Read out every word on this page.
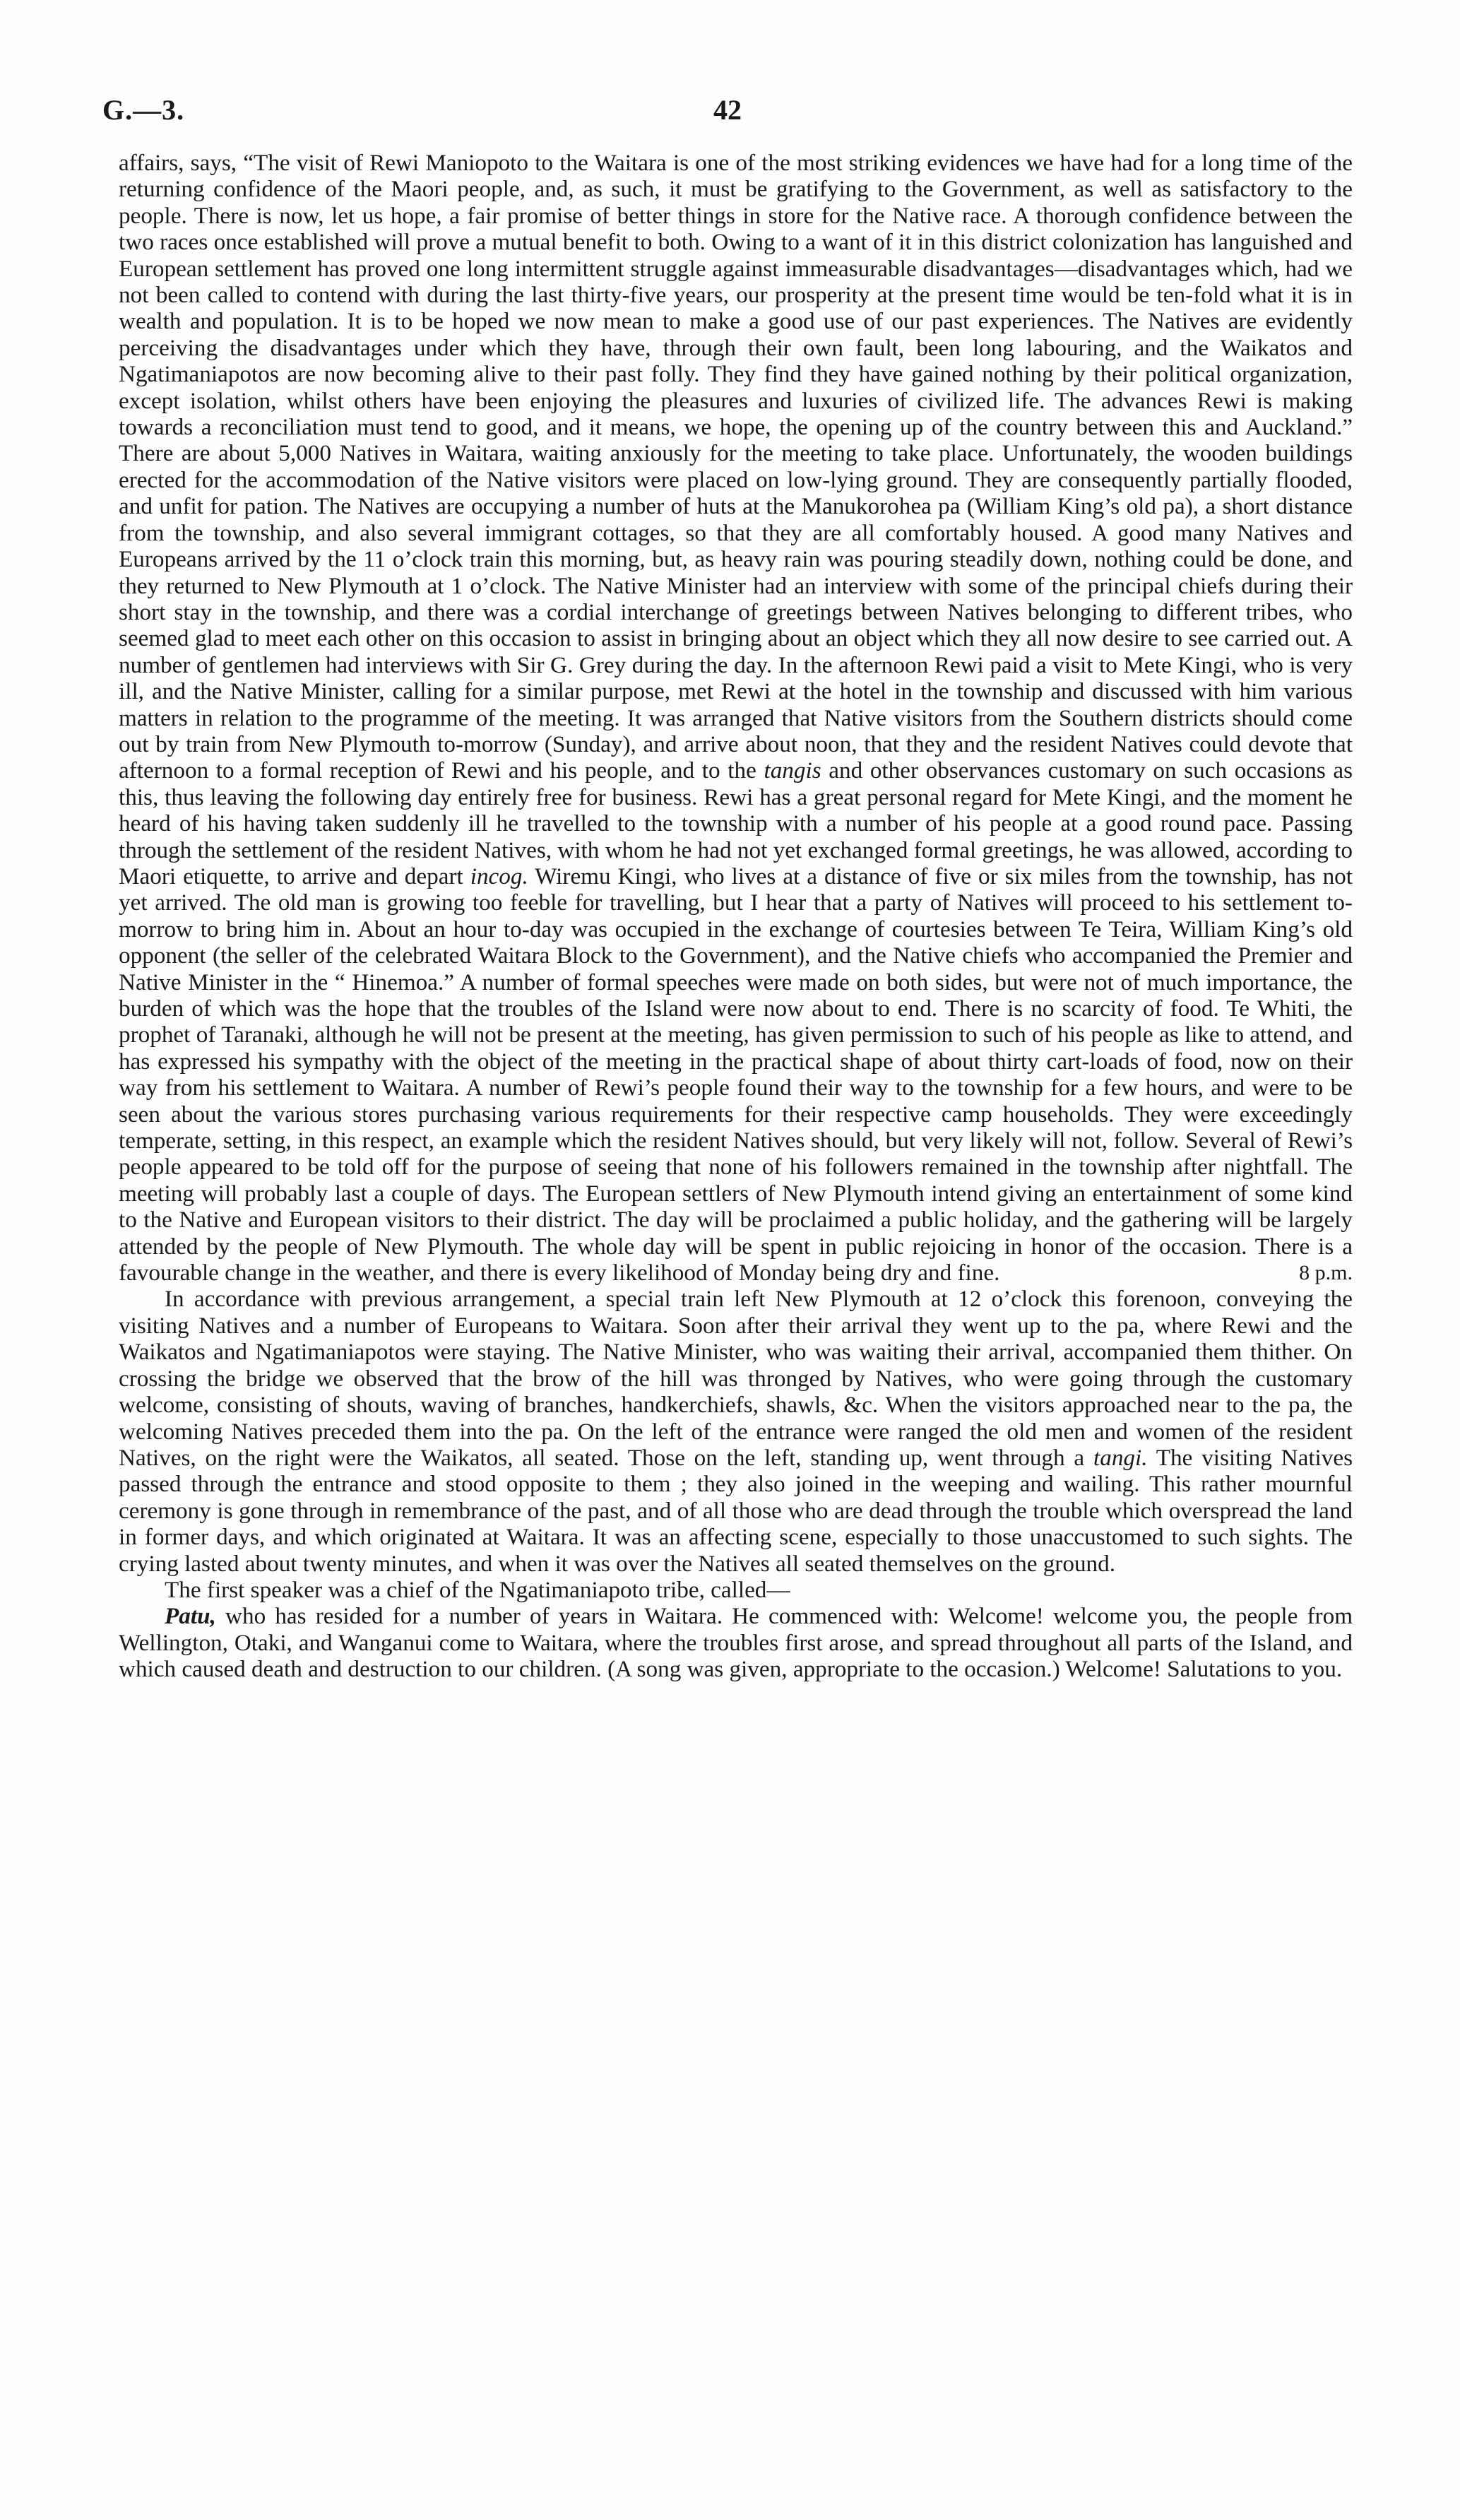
G.—3.	42

affairs, says, “The visit of Rewi Maniopoto to the Waitara is one of the most striking evidences we have had for a long time of the returning confidence of the Maori people, and, as such, it must be gratifying to the Government, as well as satisfactory to the people. There is now, let us hope, a fair promise of better things in store for the Native race. A thorough confidence between the two races once established will prove a mutual benefit to both. Owing to a want of it in this district colonization has languished and European settlement has proved one long intermittent struggle against immeasurable disadvantages—disadvantages which, had we not been called to contend with during the last thirty-five years, our prosperity at the present time would be ten-fold what it is in wealth and population. It is to be hoped we now mean to make a good use of our past experiences. The Natives are evidently perceiving the disadvantages under which they have, through their own fault, been long labouring, and the Waikatos and Ngatimaniapotos are now becoming alive to their past folly. They find they have gained nothing by their political organization, except isolation, whilst others have been enjoying the pleasures and luxuries of civilized life. The advances Rewi is making towards a reconciliation must tend to good, and it means, we hope, the opening up of the country between this and Auckland.” There are about 5,000 Natives in Waitara, waiting anxiously for the meeting to take place. Unfortunately, the wooden buildings erected for the accommodation of the Native visitors were placed on low-lying ground. They are consequently partially flooded, and unfit for pation. The Natives are occupying a number of huts at the Manukorohea pa (William King’s old pa), a short distance from the township, and also several immigrant cottages, so that they are all comfortably housed. A good many Natives and Europeans arrived by the 11 o’clock train this morning, but, as heavy rain was pouring steadily down, nothing could be done, and they returned to New Plymouth at 1 o’clock. The Native Minister had an interview with some of the principal chiefs during their short stay in the township, and there was a cordial interchange of greetings between Natives belonging to different tribes, who seemed glad to meet each other on this occasion to assist in bringing about an object which they all now desire to see carried out. A number of gentlemen had interviews with Sir G. Grey during the day. In the afternoon Rewi paid a visit to Mete Kingi, who is very ill, and the Native Minister, calling for a similar purpose, met Rewi at the hotel in the township and discussed with him various matters in relation to the programme of the meeting. It was arranged that Native visitors from the Southern districts should come out by train from New Plymouth to-morrow (Sunday), and arrive about noon, that they and the resident Natives could devote that afternoon to a formal reception of Rewi and his people, and to the tangis and other observances customary on such occasions as this, thus leaving the following day entirely free for business. Rewi has a great personal regard for Mete Kingi, and the moment he heard of his having taken suddenly ill he travelled to the township with a number of his people at a good round pace. Passing through the settlement of the resident Natives, with whom he had not yet exchanged formal greetings, he was allowed, according to Maori etiquette, to arrive and depart incog. Wiremu Kingi, who lives at a distance of five or six miles from the township, has not yet arrived. The old man is growing too feeble for travelling, but I hear that a party of Natives will proceed to his settlement to-morrow to bring him in. About an hour to-day was occupied in the exchange of courtesies between Te Teira, William King’s old opponent (the seller of the celebrated Waitara Block to the Government), and the Native chiefs who accompanied the Premier and Native Minister in the “ Hinemoa.” A number of formal speeches were made on both sides, but were not of much importance, the burden of which was the hope that the troubles of the Island were now about to end. There is no scarcity of food. Te Whiti, the prophet of Taranaki, although he will not be present at the meeting, has given permission to such of his people as like to attend, and has expressed his sympathy with the object of the meeting in the practical shape of about thirty cart-loads of food, now on their way from his settlement to Waitara. A number of Rewi’s people found their way to the township for a few hours, and were to be seen about the various stores purchasing various requirements for their respective camp households. They were exceedingly temperate, setting, in this respect, an example which the resident Natives should, but very likely will not, follow. Several of Rewi’s people appeared to be told off for the purpose of seeing that none of his followers remained in the township after nightfall. The meeting will probably last a couple of days. The European settlers of New Plymouth intend giving an entertainment of some kind to the Native and European visitors to their district. The day will be proclaimed a public holiday, and the gathering will be largely attended by the people of New Plymouth. The whole day will be spent in public rejoicing in honor of the occasion. There is a favourable change in the weather, and there is every likelihood of Monday being dry and fine.	8 p.m.

In accordance with previous arrangement, a special train left New Plymouth at 12 o’clock this forenoon, conveying the visiting Natives and a number of Europeans to Waitara. Soon after their arrival they went up to the pa, where Rewi and the Waikatos and Ngatimaniapotos were staying. The Native Minister, who was waiting their arrival, accompanied them thither. On crossing the bridge we observed that the brow of the hill was thronged by Natives, who were going through the customary welcome, consisting of shouts, waving of branches, handkerchiefs, shawls, &c. When the visitors approached near to the pa, the welcoming Natives preceded them into the pa. On the left of the entrance were ranged the old men and women of the resident Natives, on the right were the Waikatos, all seated. Those on the left, standing up, went through a tangi. The visiting Natives passed through the entrance and stood opposite to them ; they also joined in the weeping and wailing. This rather mournful ceremony is gone through in remembrance of the past, and of all those who are dead through the trouble which overspread the land in former days, and which originated at Waitara. It was an affecting scene, especially to those unaccustomed to such sights. The crying lasted about twenty minutes, and when it was over the Natives all seated themselves on the ground.

The first speaker was a chief of the Ngatimaniapoto tribe, called—

Patu, who has resided for a number of years in Waitara. He commenced with: Welcome! welcome you, the people from Wellington, Otaki, and Wanganui come to Waitara, where the troubles first arose, and spread throughout all parts of the Island, and which caused death and destruction to our children. (A song was given, appropriate to the occasion.) Welcome! Salutations to you.
